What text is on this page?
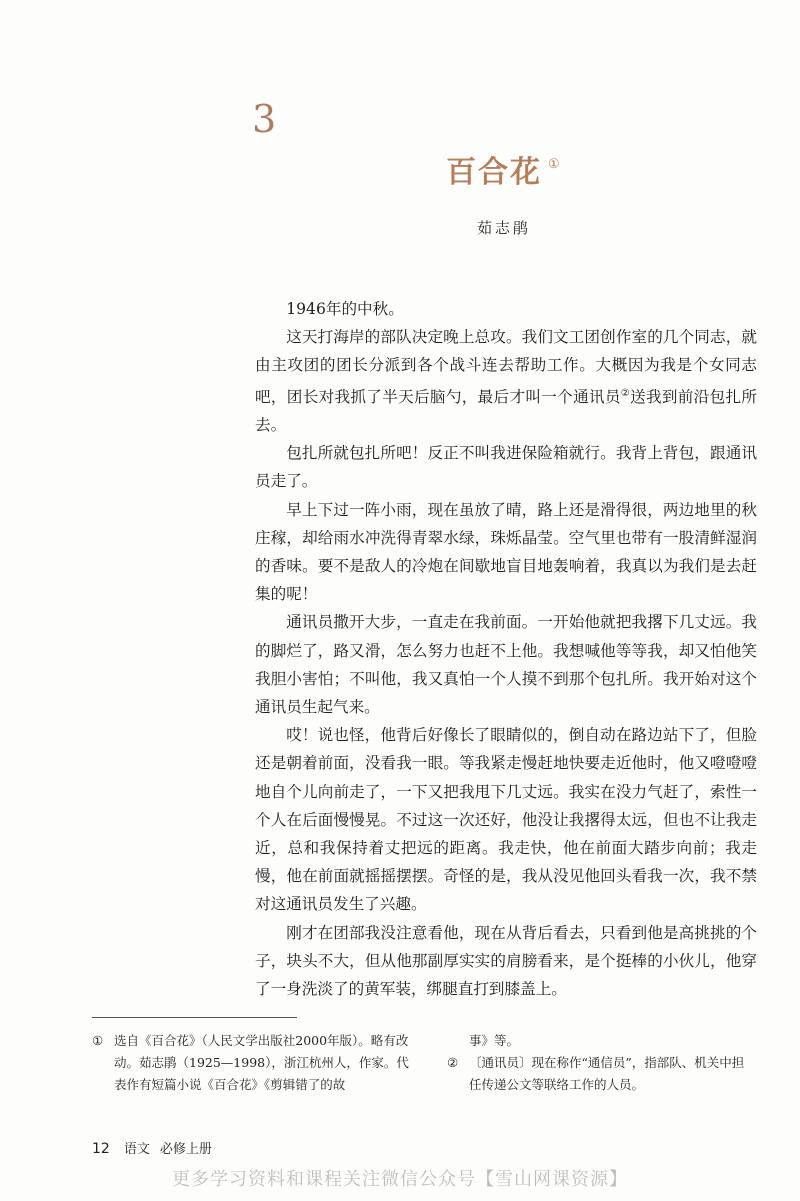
3
百合花 ①
茹志鹃

1946年的中秋。

这天打海岸的部队决定晚上总攻。我们文工团创作室的几个同志，就由主攻团的团长分派到各个战斗连去帮助工作。大概因为我是个女同志吧，团长对我抓了半天后脑勺，最后才叫一个通讯员②送我到前沿包扎所去。

包扎所就包扎所吧！反正不叫我进保险箱就行。我背上背包，跟通讯员走了。

早上下过一阵小雨，现在虽放了晴，路上还是滑得很，两边地里的秋庄稼，却给雨水冲洗得青翠水绿，珠烁晶莹。空气里也带有一股清鲜湿润的香味。要不是敌人的冷炮在间歇地盲目地轰响着，我真以为我们是去赶集的呢！

通讯员撒开大步，一直走在我前面。一开始他就把我撂下几丈远。我的脚烂了，路又滑，怎么努力也赶不上他。我想喊他等等我，却又怕他笑我胆小害怕；不叫他，我又真怕一个人摸不到那个包扎所。我开始对这个通讯员生起气来。

哎！说也怪，他背后好像长了眼睛似的，倒自动在路边站下了，但脸还是朝着前面，没看我一眼。等我紧走慢赶地快要走近他时，他又噔噔噔地自个儿向前走了，一下又把我甩下几丈远。我实在没力气赶了，索性一个人在后面慢慢晃。不过这一次还好，他没让我撂得太远，但也不让我走近，总和我保持着丈把远的距离。我走快，他在前面大踏步向前；我走慢，他在前面就摇摇摆摆。奇怪的是，我从没见他回头看我一次，我不禁对这通讯员发生了兴趣。

刚才在团部我没注意看他，现在从背后看去，只看到他是高挑挑的个子，块头不大，但从他那副厚实实的肩膀看来，是个挺棒的小伙儿，他穿了一身洗淡了的黄军装，绑腿直打到膝盖上。

① 选自《百合花》（人民文学出版社2000年版）。略有改动。茹志鹃（1925—1998），浙江杭州人，作家。代表作有短篇小说《百合花》《剪辑错了的故
事》等。
② 〔通讯员〕现在称作“通信员”，指部队、机关中担任传递公文等联络工作的人员。
12 语文 必修上册
更多学习资料和课程关注微信公众号【雪山网课资源】
